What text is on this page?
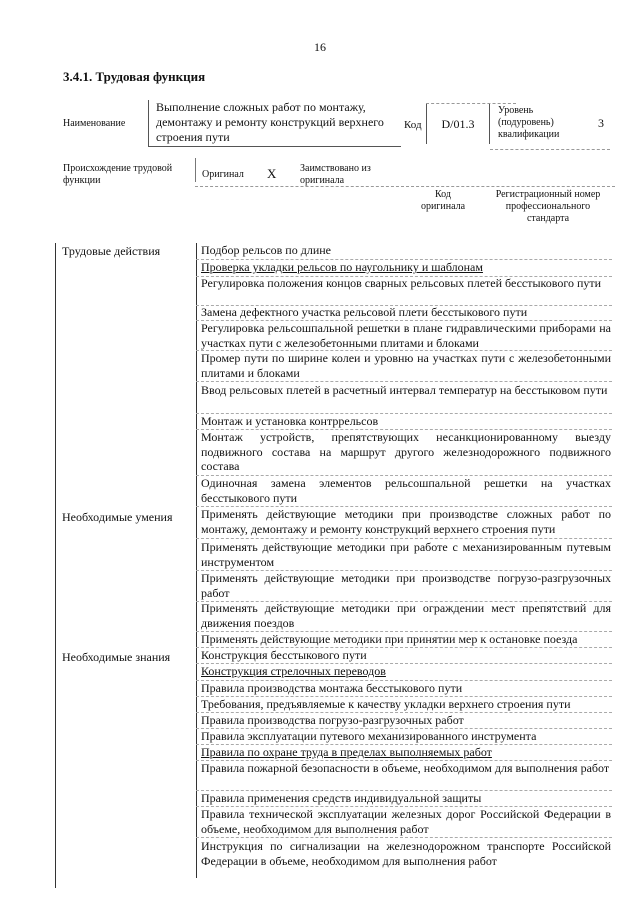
16
3.4.1. Трудовая функция
Наименование
Выполнение сложных работ по монтажу, демонтажу и ремонту конструкций верхнего строения пути
Код	D/01.3
Уровень (подуровень) квалификации
3
Происхождение трудовой функции
Оригинал X Заимствовано из оригинала
Код оригинала
Регистрационный номер профессионального стандарта
Трудовые действия
Необходимые умения
Необходимые знания
Подбор рельсов по длине
Проверка укладки рельсов по наугольнику и шаблонам
Регулировка положения концов сварных рельсовых плетей бесстыкового пути
Замена дефектного участка рельсовой плети бесстыкового пути
Регулировка рельсошпальной решетки в плане гидравлическими приборами на участках пути с железобетонными плитами и блоками
Промер пути по ширине колеи и уровню на участках пути с железобетонными плитами и блоками
Ввод рельсовых плетей в расчетный интервал температур на бесстыковом пути
Монтаж и установка контррельсов
Монтаж устройств, препятствующих несанкционированному выезду подвижного состава на маршрут другого железнодорожного подвижного состава
Одиночная замена элементов рельсошпальной решетки на участках бесстыкового пути
Применять действующие методики при производстве сложных работ по монтажу, демонтажу и ремонту конструкций верхнего строения пути
Применять действующие методики при работе с механизированным путевым инструментом
Применять действующие методики при производстве погрузо-разгрузочных работ
Применять действующие методики при ограждении мест препятствий для движения поездов
Применять действующие методики при принятии мер к остановке поезда
Конструкция бесстыкового пути
Конструкция стрелочных переводов
Правила производства монтажа бесстыкового пути
Требования, предъявляемые к качеству укладки верхнего строения пути
Правила производства погрузо-разгрузочных работ
Правила эксплуатации путевого механизированного инструмента
Правила по охране труда в пределах выполняемых работ
Правила пожарной безопасности в объеме, необходимом для выполнения работ
Правила применения средств индивидуальной защиты
Правила технической эксплуатации железных дорог Российской Федерации в объеме, необходимом для выполнения работ
Инструкция по сигнализации на железнодорожном транспорте Российской Федерации в объеме, необходимом для выполнения работ
